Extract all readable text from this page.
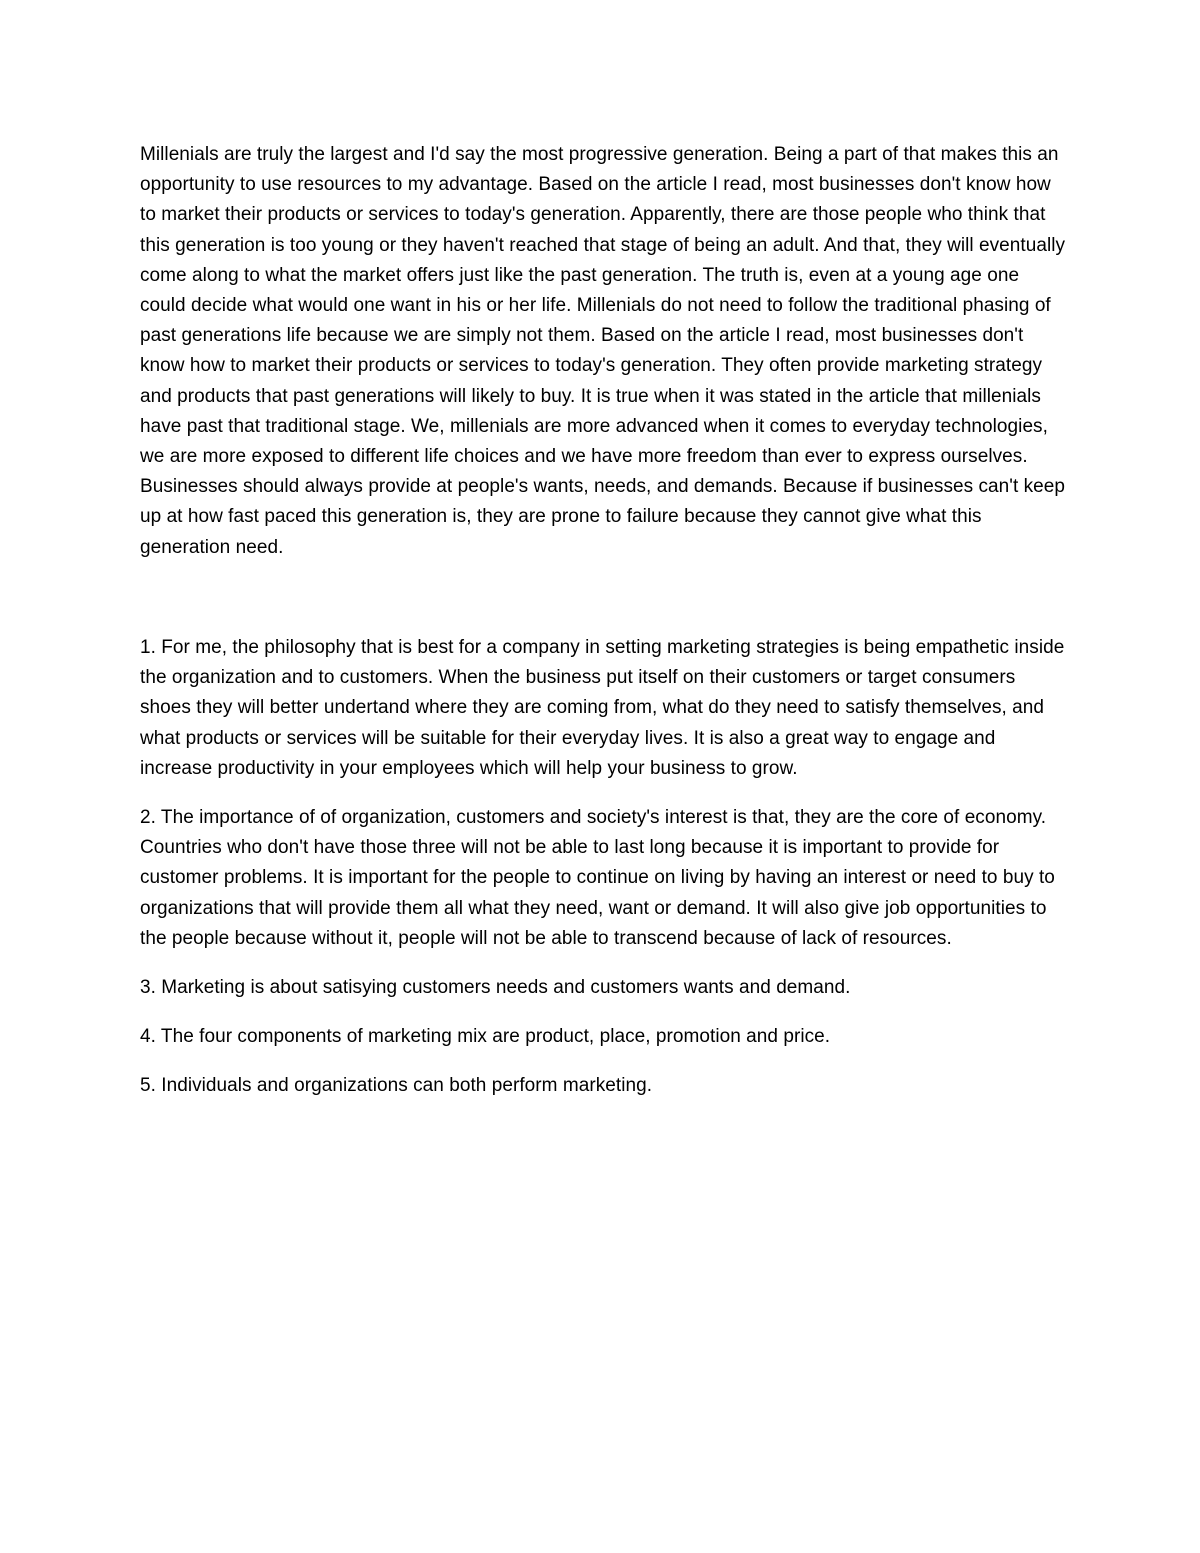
Millenials are truly the largest and I'd say the most progressive generation. Being a part of that makes this an opportunity to use resources to my advantage. Based on the article I read, most businesses don't know how to market their products or services to today's generation. Apparently, there are those people who think that this generation is too young or they haven't reached that stage of being an adult. And that, they will eventually come along to what the market offers just like the past generation. The truth is, even at a young age one could decide what would one want in his or her life. Millenials do not need to follow the traditional phasing of past generations life because we are simply not them. Based on the article I read, most businesses don't know how to market their products or services to today's generation. They often provide marketing strategy and products that past generations will likely to buy. It is true when it was stated in the article that millenials have past that traditional stage. We, millenials are more advanced when it comes to everyday technologies, we are more exposed to different life choices and we have more freedom than ever to express ourselves. Businesses should always provide at people's wants, needs, and demands. Because if businesses can't keep up at how fast paced this generation is, they are prone to failure because they cannot give what this generation need.

1. For me, the philosophy that is best for a company in setting marketing strategies is being empathetic inside the organization and to customers. When the business put itself on their customers or target consumers shoes they will better undertand where they are coming from, what do they need to satisfy themselves, and what products or services will be suitable for their everyday lives. It is also a great way to engage and increase productivity in your employees which will help your business to grow.

2. The importance of of organization, customers and society's interest is that, they are the core of economy. Countries who don't have those three will not be able to last long because it is important to provide for customer problems. It is important for the people to continue on living by having an interest or need to buy to organizations that will provide them all what they need, want or demand. It will also give job opportunities to the people because without it, people will not be able to transcend because of lack of resources.

3. Marketing is about satisying customers needs and customers wants and demand.

4. The four components of marketing mix are product, place, promotion and price.

5. Individuals and organizations can both perform marketing.
